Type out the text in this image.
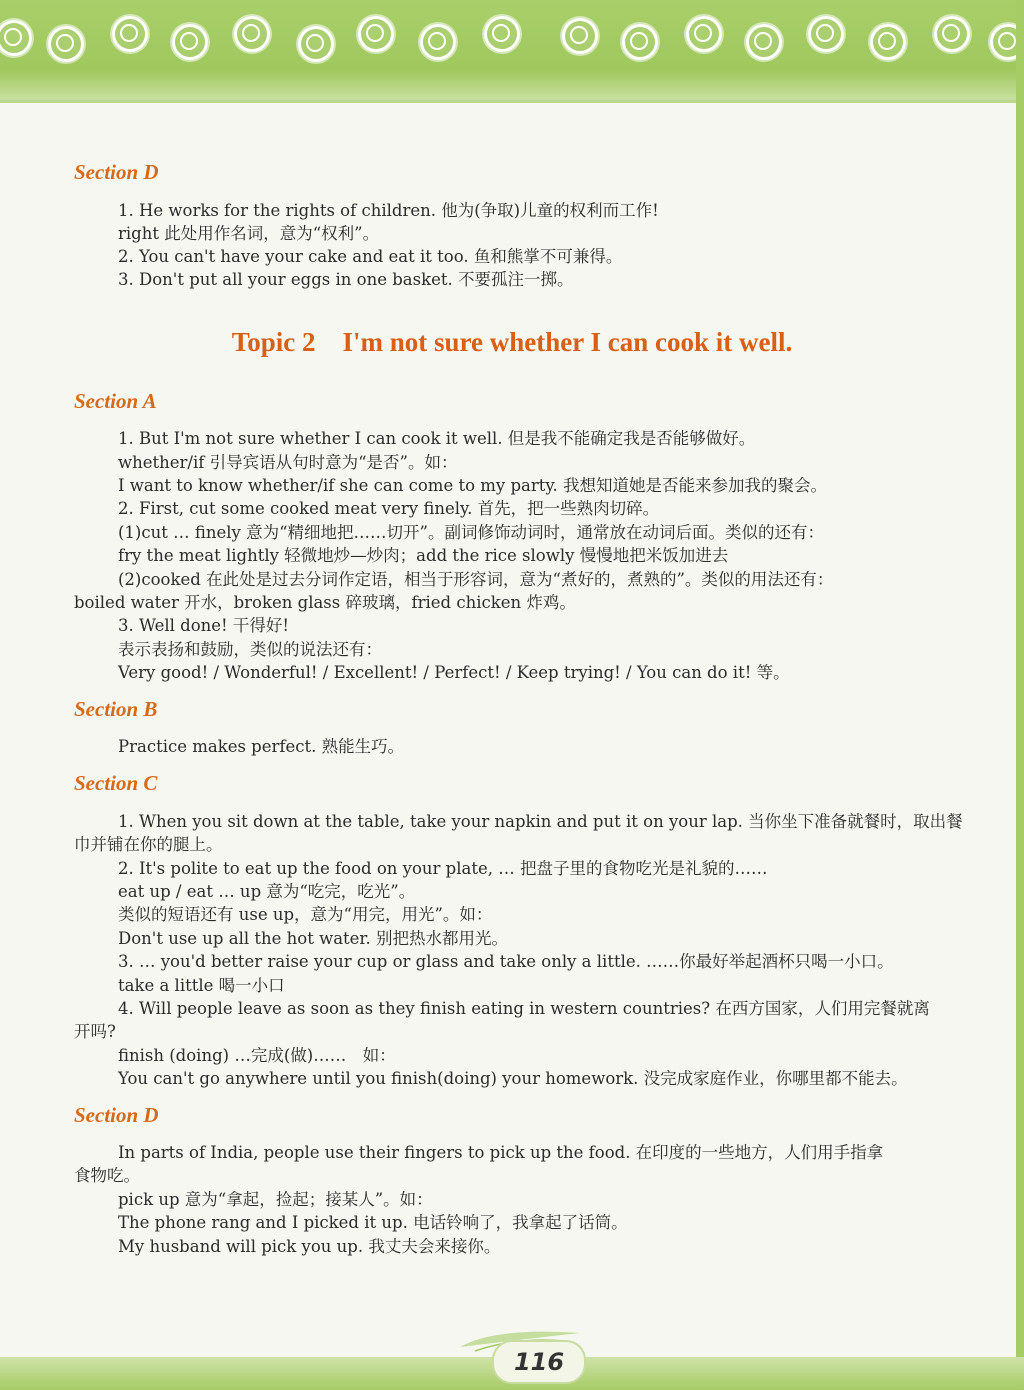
Section D
1. He works for the rights of children. 他为(争取)儿童的权利而工作!
right 此处用作名词，意为“权利”。
2. You can't have your cake and eat it too. 鱼和熊掌不可兼得。
3. Don't put all your eggs in one basket. 不要孤注一掷。
Topic 2　I'm not sure whether I can cook it well.
Section A
1. But I'm not sure whether I can cook it well. 但是我不能确定我是否能够做好。
whether/if 引导宾语从句时意为“是否”。如：
I want to know whether/if she can come to my party. 我想知道她是否能来参加我的聚会。
2. First, cut some cooked meat very finely. 首先，把一些熟肉切碎。
(1)cut … finely 意为“精细地把……切开”。副词修饰动词时，通常放在动词后面。类似的还有：
fry the meat lightly 轻微地炒—炒肉；add the rice slowly 慢慢地把米饭加进去
(2)cooked 在此处是过去分词作定语，相当于形容词，意为“煮好的，煮熟的”。类似的用法还有：
boiled water 开水，broken glass 碎玻璃，fried chicken 炸鸡。
3. Well done! 干得好!
表示表扬和鼓励，类似的说法还有：
Very good! / Wonderful! / Excellent! / Perfect! / Keep trying! / You can do it! 等。
Section B
Practice makes perfect. 熟能生巧。
Section C
1. When you sit down at the table, take your napkin and put it on your lap. 当你坐下准备就餐时，取出餐
巾并铺在你的腿上。
2. It's polite to eat up the food on your plate, … 把盘子里的食物吃光是礼貌的……
eat up / eat … up 意为“吃完，吃光”。
类似的短语还有 use up，意为“用完，用光”。如：
Don't use up all the hot water. 别把热水都用光。
3. … you'd better raise your cup or glass and take only a little. ……你最好举起酒杯只喝一小口。
take a little 喝一小口
4. Will people leave as soon as they finish eating in western countries? 在西方国家，人们用完餐就离
开吗?
finish (doing) …完成(做)……　如：
You can't go anywhere until you finish(doing) your homework. 没完成家庭作业，你哪里都不能去。
Section D
In parts of India, people use their fingers to pick up the food. 在印度的一些地方，人们用手指拿
食物吃。
pick up 意为“拿起，捡起；接某人”。如：
The phone rang and I picked it up. 电话铃响了，我拿起了话筒。
My husband will pick you up. 我丈夫会来接你。
116
